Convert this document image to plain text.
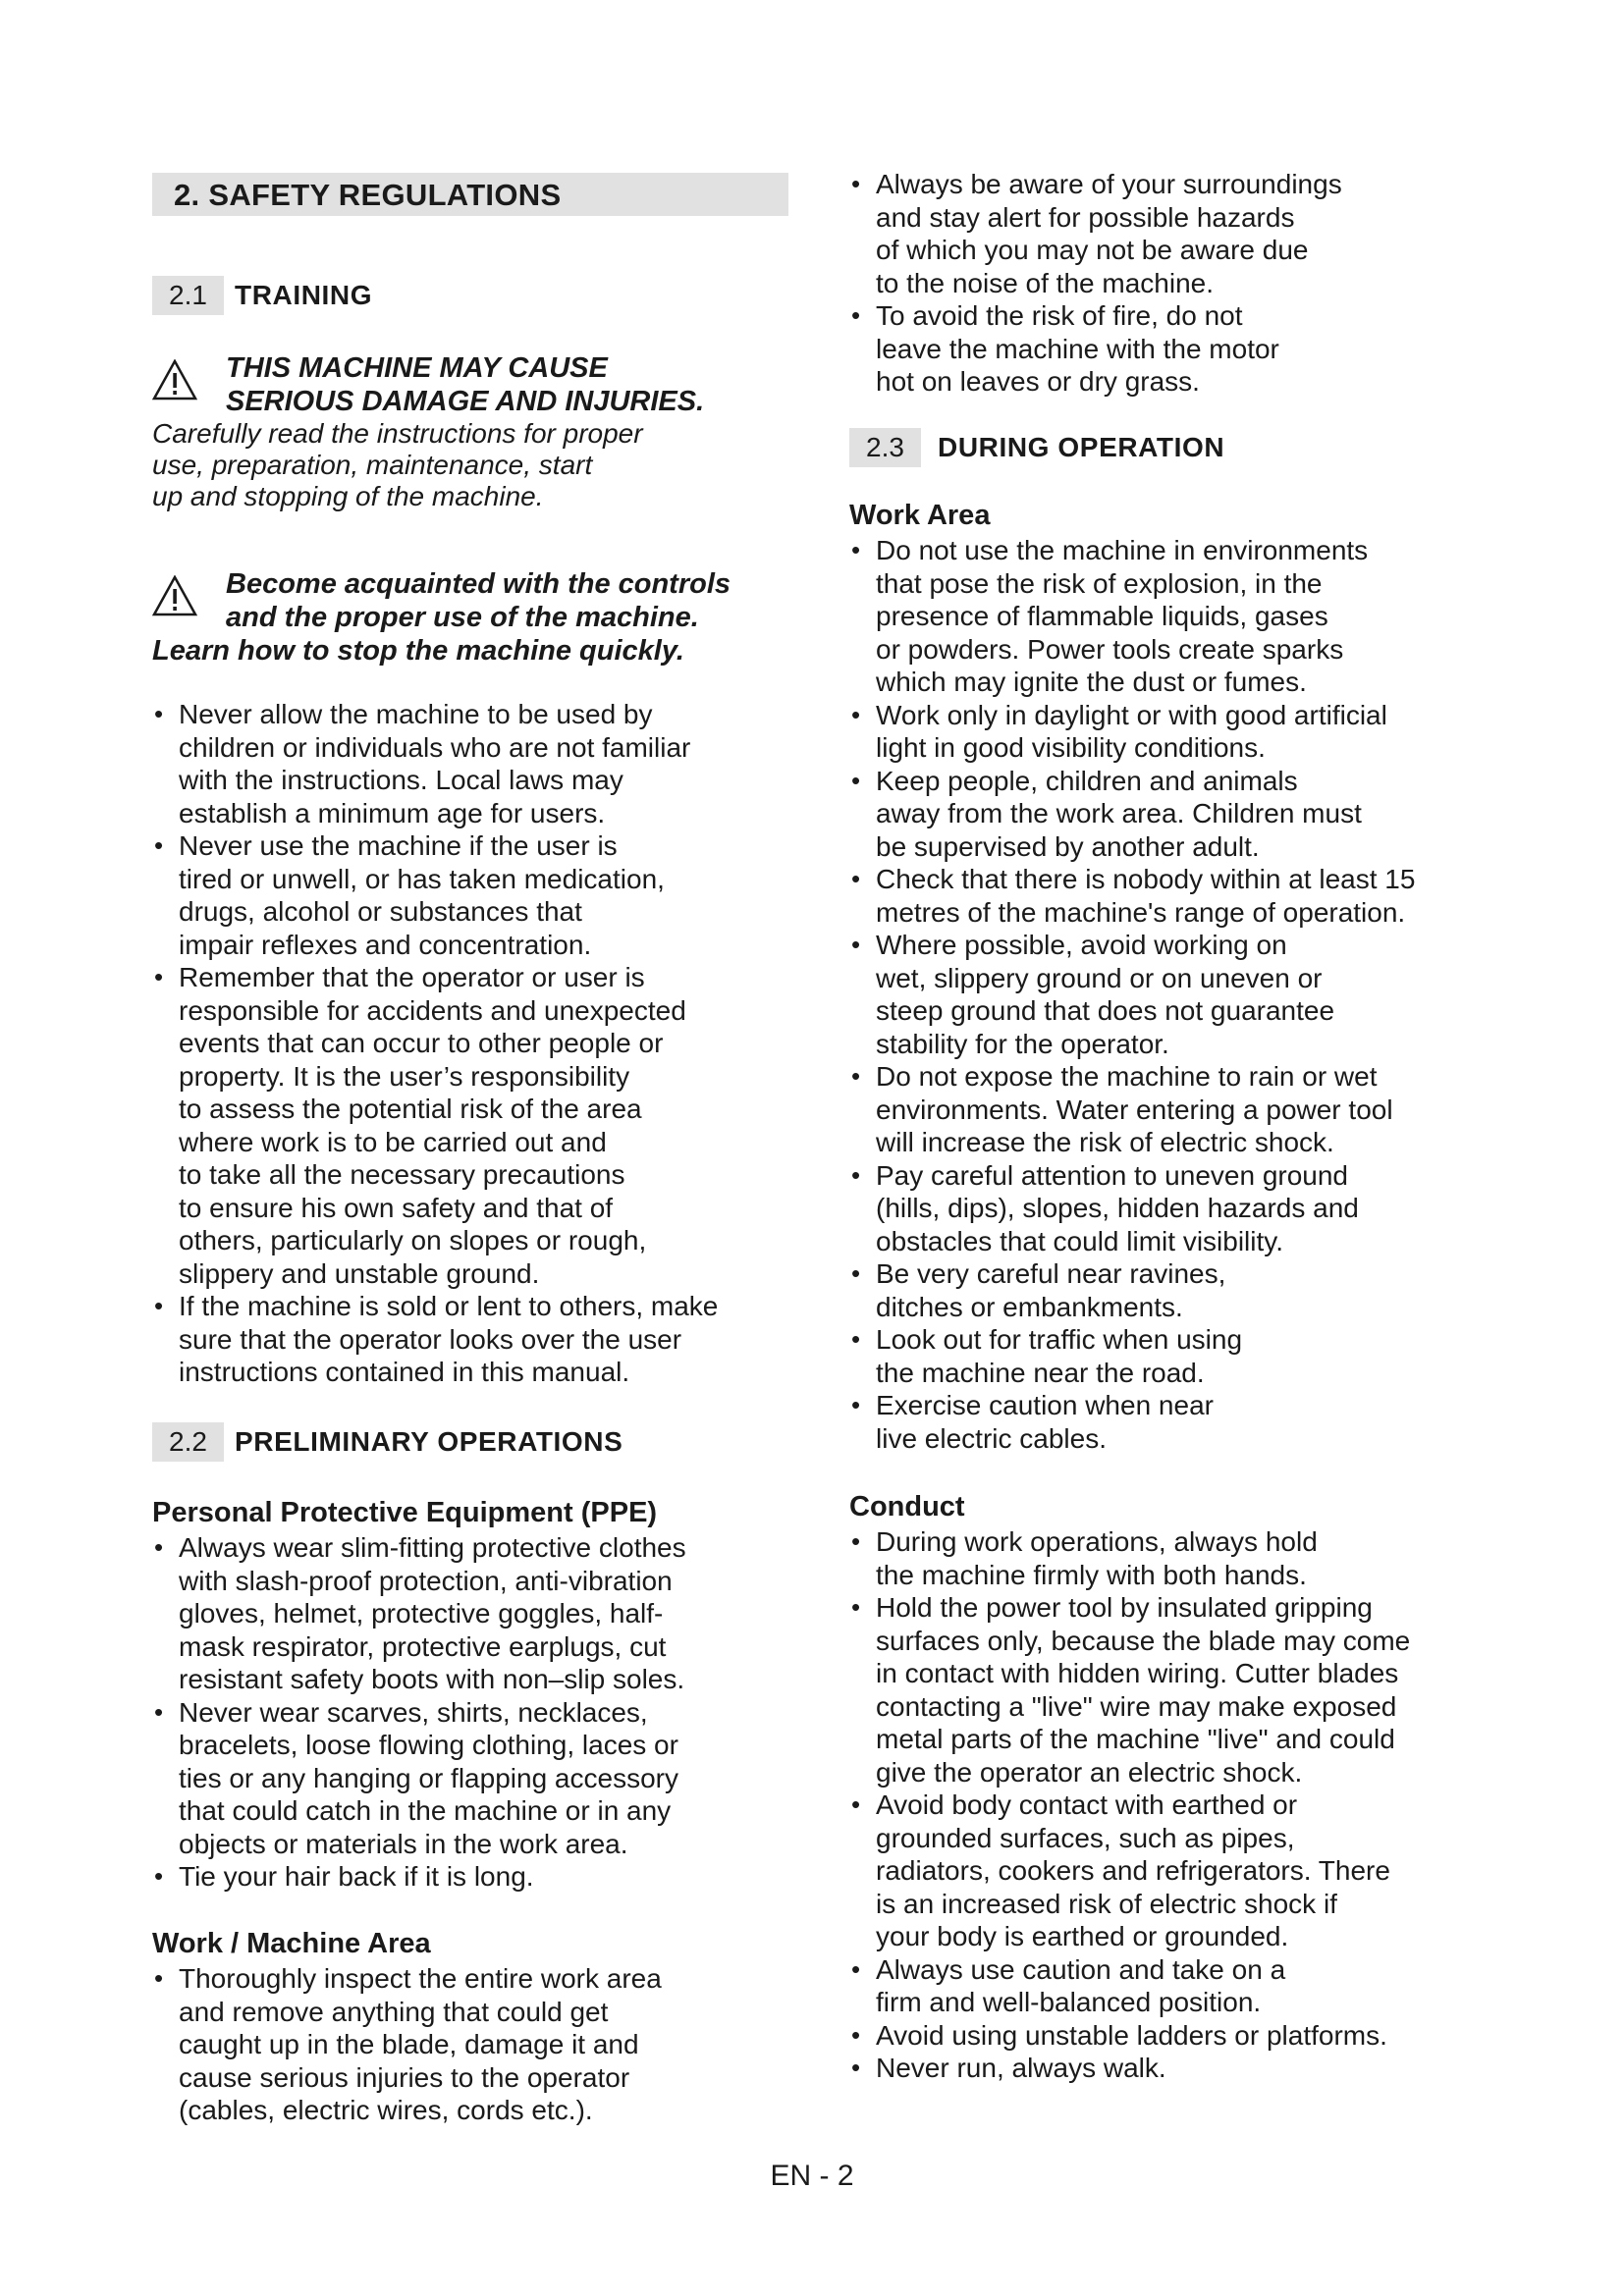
2. SAFETY REGULATIONS
2.1	TRAINING
THIS MACHINE MAY CAUSE
SERIOUS DAMAGE AND INJURIES.

Carefully read the instructions for proper
use, preparation, maintenance, start
up and stopping of the machine.

Become acquainted with the controls
and the proper use of the machine.
Learn how to stop the machine quickly.
• Never allow the machine to be used by
children or individuals who are not familiar
with the instructions. Local laws may
establish a minimum age for users.
• Never use the machine if the user is
tired or unwell, or has taken medication,
drugs, alcohol or substances that
impair reflexes and concentration.
• Remember that the operator or user is
responsible for accidents and unexpected
events that can occur to other people or
property. It is the user’s responsibility
to assess the potential risk of the area
where work is to be carried out and
to take all the necessary precautions
to ensure his own safety and that of
others, particularly on slopes or rough,
slippery and unstable ground.
• If the machine is sold or lent to others, make
sure that the operator looks over the user
instructions contained in this manual.
2.2	PRELIMINARY OPERATIONS
Personal Protective Equipment (PPE)
• Always wear slim-fitting protective clothes
with slash-proof protection, anti-vibration
gloves, helmet, protective goggles, half-
mask respirator, protective earplugs, cut
resistant safety boots with non–slip soles.
• Never wear scarves, shirts, necklaces,
bracelets, loose flowing clothing, laces or
ties or any hanging or flapping accessory
that could catch in the machine or in any
objects or materials in the work area.
• Tie your hair back if it is long.
Work / Machine Area
• Thoroughly inspect the entire work area
and remove anything that could get
caught up in the blade, damage it and
cause serious injuries to the operator
(cables, electric wires, cords etc.).
• Always be aware of your surroundings
and stay alert for possible hazards
of which you may not be aware due
to the noise of the machine.
• To avoid the risk of fire, do not
leave the machine with the motor
hot on leaves or dry grass.
2.3	DURING OPERATION
Work Area
• Do not use the machine in environments
that pose the risk of explosion, in the
presence of flammable liquids, gases
or powders. Power tools create sparks
which may ignite the dust or fumes.
• Work only in daylight or with good artificial
light in good visibility conditions.
• Keep people, children and animals
away from the work area. Children must
be supervised by another adult.
• Check that there is nobody within at least 15
metres of the machine's range of operation.
• Where possible, avoid working on
wet, slippery ground or on uneven or
steep ground that does not guarantee
stability for the operator.
• Do not expose the machine to rain or wet
environments. Water entering a power tool
will increase the risk of electric shock.
• Pay careful attention to uneven ground
(hills, dips), slopes, hidden hazards and
obstacles that could limit visibility.
• Be very careful near ravines,
ditches or embankments.
• Look out for traffic when using
the machine near the road.
• Exercise caution when near
live electric cables.
Conduct
• During work operations, always hold
the machine firmly with both hands.
• Hold the power tool by insulated gripping
surfaces only, because the blade may come
in contact with hidden wiring. Cutter blades
contacting a "live" wire may make exposed
metal parts of the machine "live" and could
give the operator an electric shock.
• Avoid body contact with earthed or
grounded surfaces, such as pipes,
radiators, cookers and refrigerators. There
is an increased risk of electric shock if
your body is earthed or grounded.
• Always use caution and take on a
firm and well-balanced position.
• Avoid using unstable ladders or platforms.
• Never run, always walk.
EN - 2
